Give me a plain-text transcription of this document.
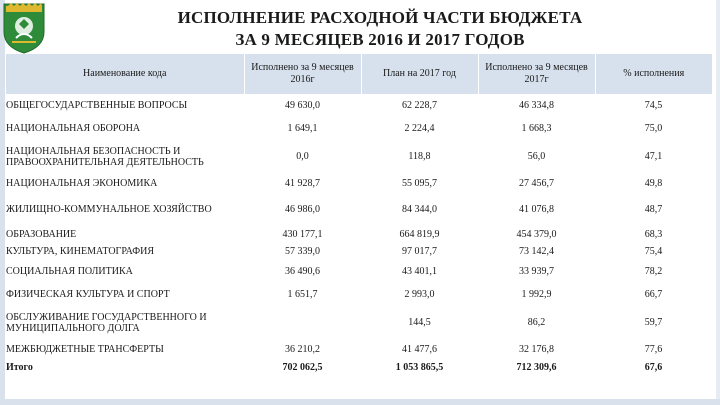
ИСПОЛНЕНИЕ РАСХОДНОЙ ЧАСТИ БЮДЖЕТА
ЗА 9 МЕСЯЦЕВ 2016 И 2017 ГОДОВ
Наименование кода	Исполнено за 9 месяцев 2016г	План на 2017 год	Исполнено за 9 месяцев 2017г	% исполнения
ОБЩЕГОСУДАРСТВЕННЫЕ ВОПРОСЫ	49 630,0	62 228,7	46 334,8	74,5
НАЦИОНАЛЬНАЯ ОБОРОНА	1 649,1	2 224,4	1 668,3	75,0
НАЦИОНАЛЬНАЯ БЕЗОПАСНОСТЬ И ПРАВООХРАНИТЕЛЬНАЯ ДЕЯТЕЛЬНОСТЬ	0,0	118,8	56,0	47,1
НАЦИОНАЛЬНАЯ ЭКОНОМИКА	41 928,7	55 095,7	27 456,7	49,8
ЖИЛИЩНО-КОММУНАЛЬНОЕ ХОЗЯЙСТВО	46 986,0	84 344,0	41 076,8	48,7
ОБРАЗОВАНИЕ	430 177,1	664 819,9	454 379,0	68,3
КУЛЬТУРА, КИНЕМАТОГРАФИЯ	57 339,0	97 017,7	73 142,4	75,4
СОЦИАЛЬНАЯ ПОЛИТИКА	36 490,6	43 401,1	33 939,7	78,2
ФИЗИЧЕСКАЯ КУЛЬТУРА И СПОРТ	1 651,7	2 993,0	1 992,9	66,7
ОБСЛУЖИВАНИЕ ГОСУДАРСТВЕННОГО И МУНИЦИПАЛЬНОГО ДОЛГА		144,5	86,2	59,7
МЕЖБЮДЖЕТНЫЕ ТРАНСФЕРТЫ	36 210,2	41 477,6	32 176,8	77,6
Итого	702 062,5	1 053 865,5	712 309,6	67,6
